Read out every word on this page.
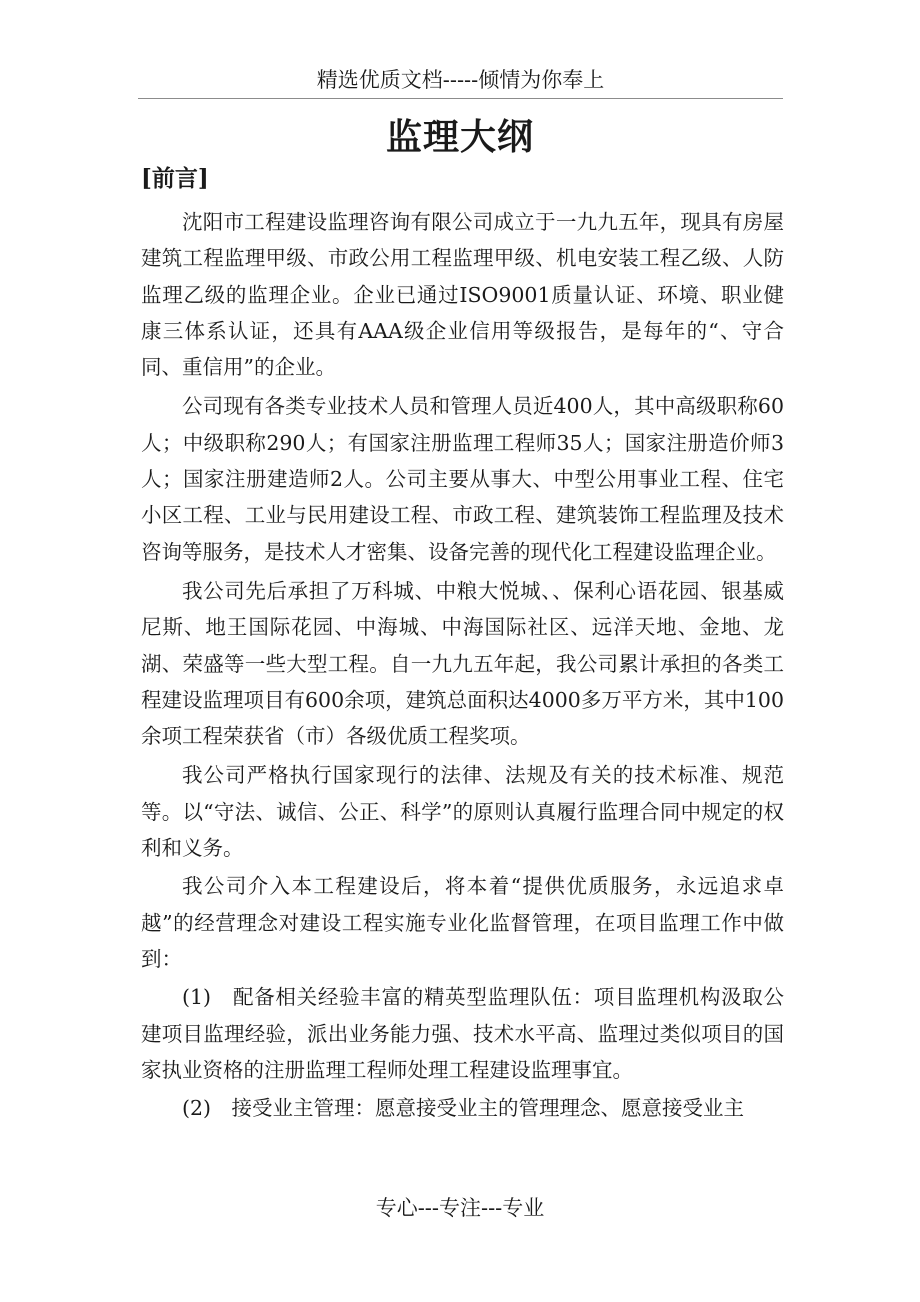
精选优质文档-----倾情为你奉上
监理大纲
[前言]

沈阳市工程建设监理咨询有限公司成立于一九九五年，现具有房屋建筑工程监理甲级、市政公用工程监理甲级、机电安装工程乙级、人防监理乙级的监理企业。企业已通过ISO9001质量认证、环境、职业健康三体系认证，还具有AAA级企业信用等级报告，是每年的“、守合同、重信用”的企业。

公司现有各类专业技术人员和管理人员近400人，其中高级职称60人；中级职称290人；有国家注册监理工程师35人；国家注册造价师3人；国家注册建造师2人。公司主要从事大、中型公用事业工程、住宅小区工程、工业与民用建设工程、市政工程、建筑装饰工程监理及技术咨询等服务，是技术人才密集、设备完善的现代化工程建设监理企业。

我公司先后承担了万科城、中粮大悦城、、保利心语花园、银基威尼斯、地王国际花园、中海城、中海国际社区、远洋天地、金地、龙湖、荣盛等一些大型工程。自一九九五年起，我公司累计承担的各类工程建设监理项目有600余项，建筑总面积达4000多万平方米，其中100余项工程荣获省（市）各级优质工程奖项。

我公司严格执行国家现行的法律、法规及有关的技术标准、规范等。以“守法、诚信、公正、科学”的原则认真履行监理合同中规定的权利和义务。

我公司介入本工程建设后，将本着“提供优质服务，永远追求卓越”的经营理念对建设工程实施专业化监督管理，在项目监理工作中做到：

(1)　配备相关经验丰富的精英型监理队伍：项目监理机构汲取公建项目监理经验，派出业务能力强、技术水平高、监理过类似项目的国家执业资格的注册监理工程师处理工程建设监理事宜。

(2)　接受业主管理：愿意接受业主的管理理念、愿意接受业主

专心---专注---专业
